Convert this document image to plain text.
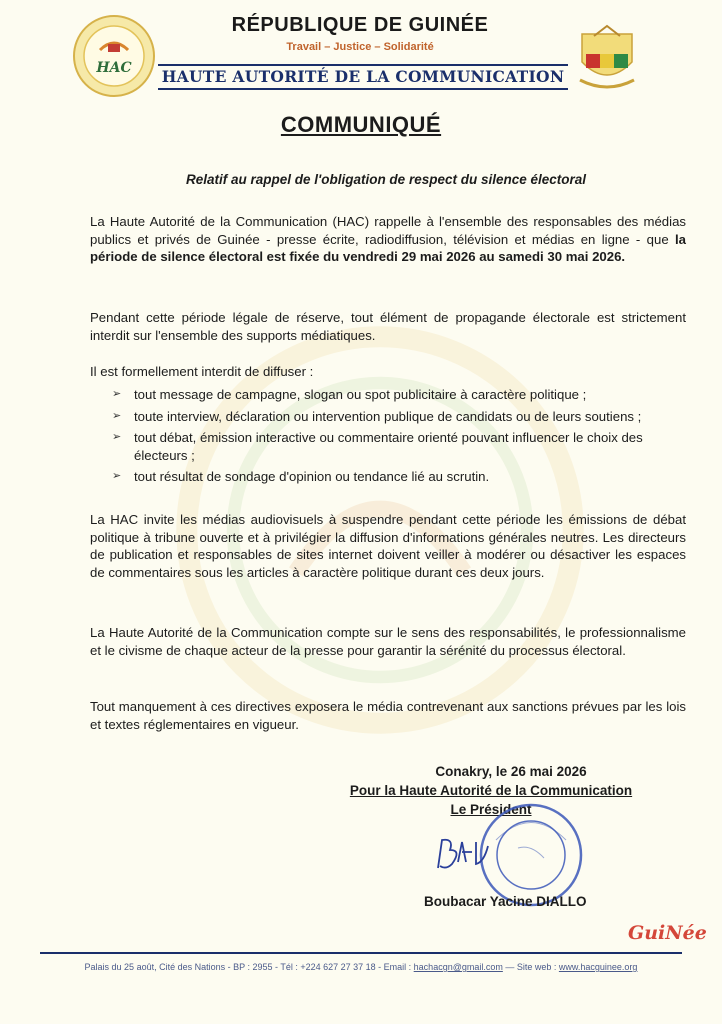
HAC
RÉPUBLIQUE DE GUINÉE
Travail – Justice – Solidarité
HAUTE AUTORITÉ DE LA COMMUNICATION
COMMUNIQUÉ
Relatif au rappel de l'obligation de respect du silence électoral
La Haute Autorité de la Communication (HAC) rappelle à l'ensemble des responsables des médias publics et privés de Guinée - presse écrite, radiodiffusion, télévision et médias en ligne - que la période de silence électoral est fixée du vendredi 29 mai 2026 au samedi 30 mai 2026.
Pendant cette période légale de réserve, tout élément de propagande électorale est strictement interdit sur l'ensemble des supports médiatiques.
Il est formellement interdit de diffuser :
➢ tout message de campagne, slogan ou spot publicitaire à caractère politique ;
➢ toute interview, déclaration ou intervention publique de candidats ou de leurs soutiens ;
➢ tout débat, émission interactive ou commentaire orienté pouvant influencer le choix des électeurs ;
➢ tout résultat de sondage d'opinion ou tendance lié au scrutin.
La HAC invite les médias audiovisuels à suspendre pendant cette période les émissions de débat politique à tribune ouverte et à privilégier la diffusion d'informations générales neutres. Les directeurs de publication et responsables de sites internet doivent veiller à modérer ou désactiver les espaces de commentaires sous les articles à caractère politique durant ces deux jours.
La Haute Autorité de la Communication compte sur le sens des responsabilités, le professionnalisme et le civisme de chaque acteur de la presse pour garantir la sérénité du processus électoral.
Tout manquement à ces directives exposera le média contrevenant aux sanctions prévues par les lois et textes réglementaires en vigueur.
Conakry, le 26 mai 2026
Pour la Haute Autorité de la Communication
Le Président
Boubacar Yacine DIALLO
GuiNée
Palais du 25 août, Cité des Nations - BP : 2955 - Tél : +224 627 27 37 18 - Email : hachacgn@gmail.com — Site web : www.hacguinee.org
